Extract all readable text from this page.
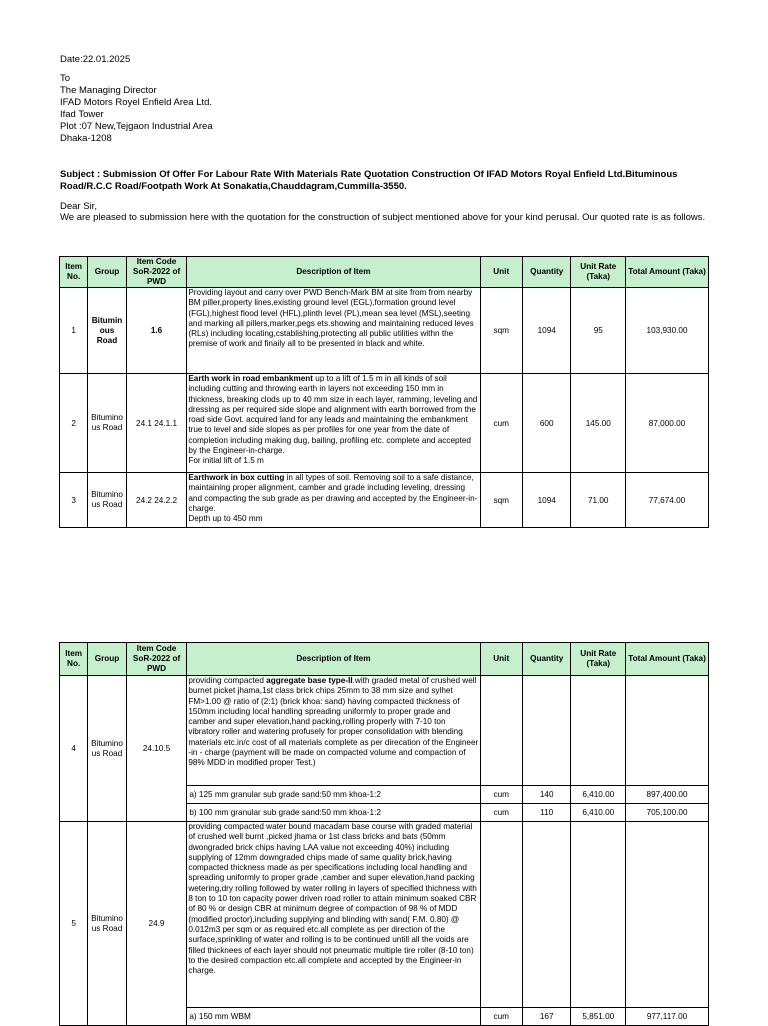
Date:22.01.2025
To
The Managing Director
IFAD Motors Royel Enfield Area Ltd.
Ifad Tower
Plot :07 New,Tejgaon Industrial Area
Dhaka-1208
Subject : Submission Of Offer For Labour Rate With Materials Rate Quotation Construction Of IFAD Motors Royal Enfield Ltd.Bituminous Road/R.C.C Road/Footpath Work At Sonakatia,Chauddagram,Cummilla-3550.
Dear Sir,
We are pleased to submission here with the quotation for the construction of subject mentioned above for your kind perusal. Our quoted rate is as follows.
Item No.	Group	Item Code SoR-2022 of PWD	Description of Item	Unit	Quantity	Unit Rate (Taka)	Total Amount (Taka)
1	Bitumin ous Road	1.6	Providing layout and carry over PWD Bench-Mark BM at site from from nearby BM piller,property lines,existing ground level (EGL),formation ground level (FGL),highest flood level (HFL),plinth level (PL),mean sea level (MSL),seeting and marking all pillers,marker,pegs ets.showing and maintaining reduced leves (RLs) including locating,cstablishing,protecting all public utilities withn the premise of work and finaily all to be presented in black and white.	sqm	1094	95	103,930.00
2	Bitumino us Road	24.1 24.1.1	Earth work in road embankment up to a lift of 1.5 m in all kinds of soil including cutting and throwing earth in layers not exceeding 150 mm in thickness, breaking clods up to 40 mm size in each layer, ramming, leveling and dressing as per required side slope and alignment with earth borrowed from the road side Govt. acquired land for any leads and maintaining the embankment true to level and side slopes as per profiles for one year from the date of completion including making dug, bailing, profiling etc. complete and accepted by the Engineer-in-charge.
For initial lift of 1.5 m	cum	600	145.00	87,000.00
3	Bitumino us Road	24.2 24.2.2	Earthwork in box cutting in all types of soil. Removing soil to a safe distance, maintaining proper alignment, camber and grade including leveling, dressing and compacting the sub grade as per drawing and accepted by the Engineer-in-charge.
Depth up to 450 mm	sqm	1094	71.00	77,674.00
Item No.	Group	Item Code SoR-2022 of PWD	Description of Item	Unit	Quantity	Unit Rate (Taka)	Total Amount (Taka)
4	Bitumino us Road	24.10.5	providing compacted aggregate base type-II.with graded metal of crushed well burnet picket jhama,1st class brick chips 25mm to 38 mm size and sylhet FM>1.00 @ ratio of (2:1) (brick khoa: sand) having compacted thickness of 150mm including local handling spreading uniformly to proper grade and camber and super elevation,hand packing,rolling properly with 7-10 ton vibratory roller and watering profusely for proper consolidation with blending materials etc.in/c cost of all materials complete as per direcation of the Engineer -in - charge (payment will be made on compacted volume and compaction of 98% MDD in modified proper Test.)				
			a) 125 mm granular sub grade sand:50 mm khoa-1:2	cum	140	6,410.00	897,400.00
			b) 100 mm granular sub grade sand:50 mm khoa-1:2	cum	110	6,410.00	705,100.00
5	Bitumino us Road	24.9	providing compacted water bound macadam base course with graded material of crushed well burnt ,picked jhama or 1st class bricks and bats (50mm dwongraded brick chips having LAA value not exceeding 40%) including supplying of 12mm downgraded chips made of same quality brick,having compacted thickness made as per specifications including local handling and spreading uniformly to proper grade ,camber and super elevation,hand packing wetering,dry rolling followed by water rolling in layers of specified thichness with 8 ton to 10 ton capacity power driven road roller to attain minimum soaked CBR of 80 % or design CBR at minimum degree of compaction of 98 % of MDD (modified proctor),including supplying and blinding with sand( F.M. 0.80) @ 0.012m3 per sqm or as required etc.all complete as per direction of the surface,sprinkling of water and rolling is to be continued untill all the voids are filled thicknees of each layer should not pneumatic multiple tire roller (8-10 ton) to the desired compaction etc.all complete and accepted by the Engineer-in charge.				
			a) 150 mm WBM	cum	167	5,851.00	977,117.00
